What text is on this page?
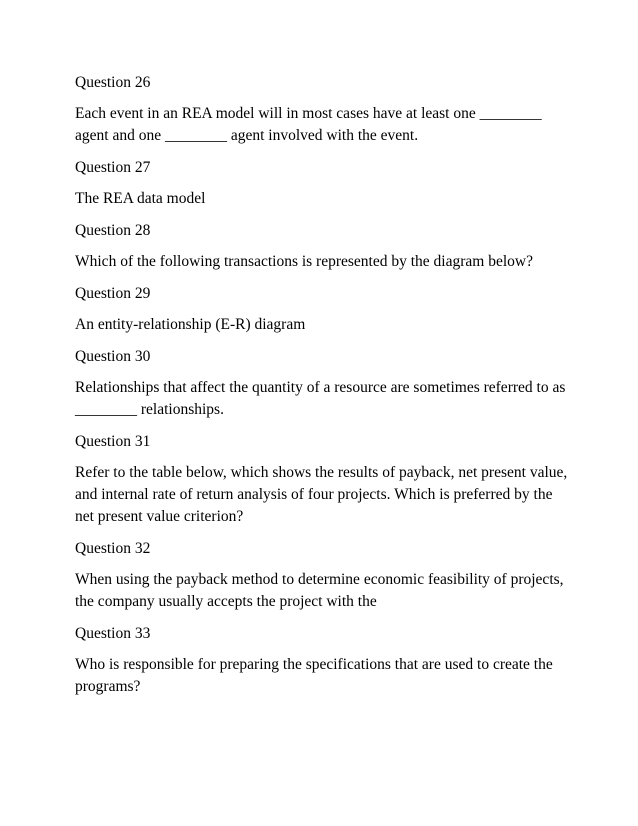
Question 26

Each event in an REA model will in most cases have at least one ________ agent and one ________ agent involved with the event.

Question 27

The REA data model

Question 28

Which of the following transactions is represented by the diagram below?

Question 29

An entity-relationship (E-R) diagram

Question 30

Relationships that affect the quantity of a resource are sometimes referred to as ________ relationships.

Question 31

Refer to the table below, which shows the results of payback, net present value, and internal rate of return analysis of four projects. Which is preferred by the net present value criterion?

Question 32

When using the payback method to determine economic feasibility of projects, the company usually accepts the project with the

Question 33

Who is responsible for preparing the specifications that are used to create the programs?
